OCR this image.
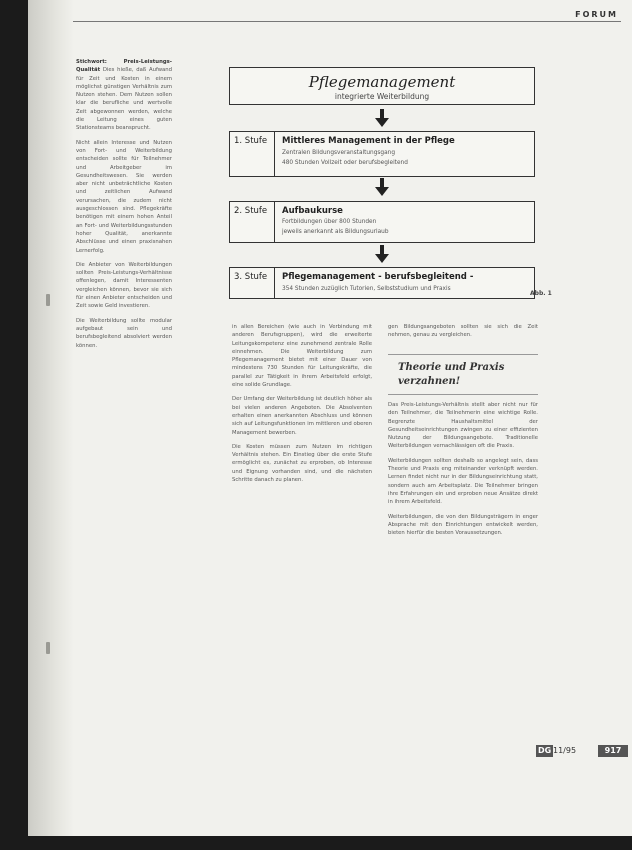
FORUM

Stichwort: Preis-Leistungs-Qualität Dies hieße, daß Aufwand für Zeit und Kosten in einem möglichst günstigen Verhältnis zum Nutzen stehen. Dem Nutzen sollen klar die berufliche und wertvolle Zeit abgewonnen werden, welche die Leitung eines guten Stationsteams beansprucht.

Nicht allein Interesse und Nutzen von Fort- und Weiterbildung entscheiden sollte für Teilnehmer und Arbeitgeber im Gesundheitswesen. Sie werden aber nicht unbeträchtliche Kosten und zeitlichen Aufwand verursachen, die zudem nicht ausgeschlossen sind. Pflegekräfte benötigen mit einem hohen Anteil an Fort- und Weiterbildungsstunden hoher Qualität, anerkannte Abschlüsse und einen praxisnahen Lernerfolg.

Die Anbieter von Weiterbildungen sollten Preis-Leistungs-Verhältnisse offenlegen, damit Interessenten vergleichen können, bevor sie sich für einen Anbieter entscheiden und Zeit sowie Geld investieren.

Die Weiterbildung sollte modular aufgebaut sein und berufsbegleitend absolviert werden können.

Pflegemanagement
integrierte Weiterbildung
1. Stufe Mittleres Management in der Pflege
Zentralen Bildungsveranstaltungsgang
480 Stunden Vollzeit oder berufsbegleitend
2. Stufe Aufbaukurse
Fortbildungen über 800 Stunden
jeweils anerkannt als Bildungsurlaub
3. Stufe Pflegemanagement - berufsbegleitend -
354 Stunden zuzüglich Tutorien, Selbststudium und Praxis
Abb. 1

in allen Bereichen (wie auch in Verbindung mit anderen Berufsgruppen), wird die erweiterte Leitungskompetenz eine zunehmend zentrale Rolle einnehmen. Die Weiterbildung zum Pflegemanagement bietet mit einer Dauer von mindestens 730 Stunden für Leitungskräfte, die parallel zur Tätigkeit in ihrem Arbeitsfeld erfolgt, eine solide Grundlage.

Der Umfang der Weiterbildung ist deutlich höher als bei vielen anderen Angeboten. Die Absolventen erhalten einen anerkannten Abschluss und können sich auf Leitungsfunktionen im mittleren und oberen Management bewerben.

Die Kosten müssen zum Nutzen im richtigen Verhältnis stehen. Ein Einstieg über die erste Stufe ermöglicht es, zunächst zu erproben, ob Interesse und Eignung vorhanden sind, und die nächsten Schritte danach zu planen.

gen Bildungsangeboten sollten sie sich die Zeit nehmen, genau zu vergleichen.

Theorie und Praxis verzahnen!

Das Preis-Leistungs-Verhältnis stellt aber nicht nur für den Teilnehmer, die Teilnehmerin eine wichtige Rolle. Begrenzte Haushaltsmittel der Gesundheitseinrichtungen zwingen zu einer effizienten Nutzung der Bildungsangebote. Traditionelle Weiterbildungen vernachlässigen oft die Praxis.

Weiterbildungen sollten deshalb so angelegt sein, dass Theorie und Praxis eng miteinander verknüpft werden. Lernen findet nicht nur in der Bildungseinrichtung statt, sondern auch am Arbeitsplatz. Die Teilnehmer bringen ihre Erfahrungen ein und erproben neue Ansätze direkt in ihrem Arbeitsfeld.

Weiterbildungen, die von den Bildungsträgern in enger Absprache mit den Einrichtungen entwickelt werden, bieten hierfür die besten Voraussetzungen.

DG 11/95	917
